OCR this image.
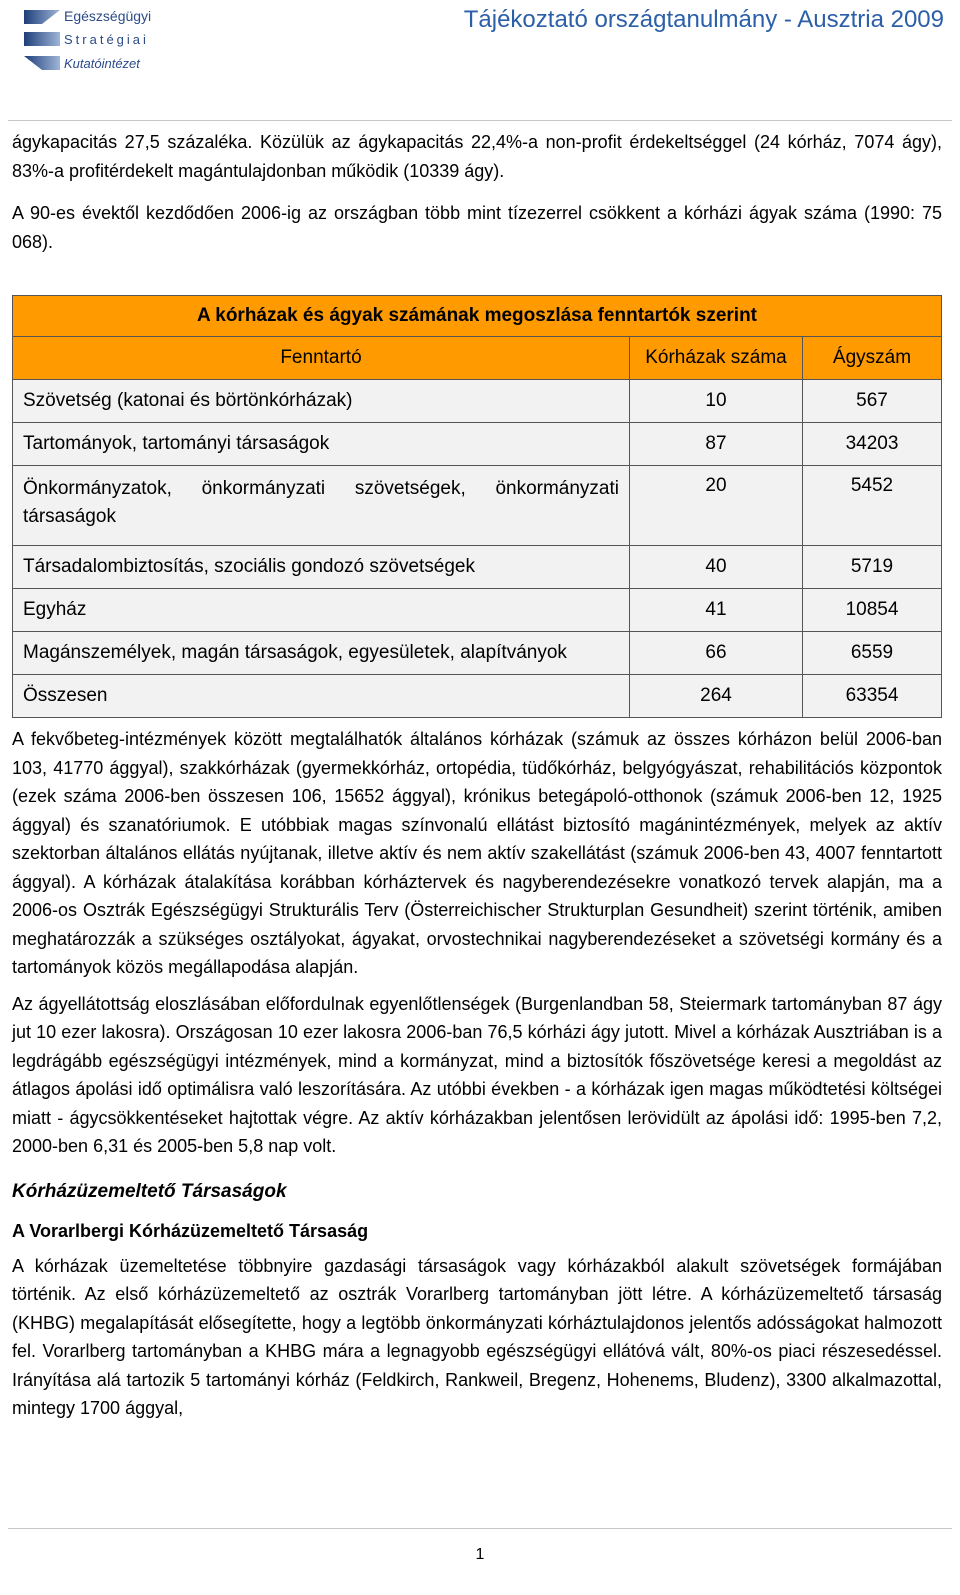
Egészségügyi
Stratégiai
Kutatóintézet
Tájékoztató országtanulmány - Ausztria 2009

ágykapacitás 27,5 százaléka. Közülük az ágykapacitás 22,4%-a non-profit érdekeltséggel (24 kórház, 7074 ágy), 83%-a profitérdekelt magántulajdonban működik (10339 ágy).

A 90-es évektől kezdődően 2006-ig az országban több mint tízezerrel csökkent a kórházi ágyak száma (1990: 75 068).

A kórházak és ágyak számának megoszlása fenntartók szerint		
Fenntartó	Kórházak száma	Ágyszám
Szövetség (katonai és börtönkórházak)	10	567
Tartományok, tartományi társaságok	87	34203
Önkormányzatok, önkormányzati szövetségek, önkormányzati társaságok	20	5452
Társadalombiztosítás, szociális gondozó szövetségek	40	5719
Egyház	41	10854
Magánszemélyek, magán társaságok, egyesületek, alapítványok	66	6559
Összesen	264	63354

A fekvőbeteg-intézmények között megtalálhatók általános kórházak (számuk az összes kórházon belül 2006-ban 103, 41770 ággyal), szakkórházak (gyermekkórház, ortopédia, tüdőkórház, belgyógyászat, rehabilitációs központok (ezek száma 2006-ben összesen 106, 15652 ággyal), krónikus betegápoló-otthonok (számuk 2006-ben 12, 1925 ággyal) és szanatóriumok. E utóbbiak magas színvonalú ellátást biztosító magánintézmények, melyek az aktív szektorban általános ellátás nyújtanak, illetve aktív és nem aktív szakellátást (számuk 2006-ben 43, 4007 fenntartott ággyal). A kórházak átalakítása korábban kórháztervek és nagyberendezésekre vonatkozó tervek alapján, ma a 2006-os Osztrák Egészségügyi Strukturális Terv (Österreichischer Strukturplan Gesundheit) szerint történik, amiben meghatározzák a szükséges osztályokat, ágyakat, orvostechnikai nagyberendezéseket a szövetségi kormány és a tartományok közös megállapodása alapján.

Az ágyellátottság eloszlásában előfordulnak egyenlőtlenségek (Burgenlandban 58, Steiermark tartományban 87 ágy jut 10 ezer lakosra). Országosan 10 ezer lakosra 2006-ban 76,5 kórházi ágy jutott. Mivel a kórházak Ausztriában is a legdrágább egészségügyi intézmények, mind a kormányzat, mind a biztosítók főszövetsége keresi a megoldást az átlagos ápolási idő optimálisra való leszorítására. Az utóbbi években - a kórházak igen magas működtetési költségei miatt - ágycsökkentéseket hajtottak végre. Az aktív kórházakban jelentősen lerövidült az ápolási idő: 1995-ben 7,2, 2000-ben 6,31 és 2005-ben 5,8 nap volt.

Kórházüzemeltető Társaságok
A Vorarlbergi Kórházüzemeltető Társaság

A kórházak üzemeltetése többnyire gazdasági társaságok vagy kórházakból alakult szövetségek formájában történik. Az első kórházüzemeltető az osztrák Vorarlberg tartományban jött létre. A kórházüzemeltető társaság (KHBG) megalapítását elősegítette, hogy a legtöbb önkormányzati kórháztulajdonos jelentős adósságokat halmozott fel. Vorarlberg tartományban a KHBG mára a legnagyobb egészségügyi ellátóvá vált, 80%-os piaci részesedéssel. Irányítása alá tartozik 5 tartományi kórház (Feldkirch, Rankweil, Bregenz, Hohenems, Bludenz), 3300 alkalmazottal, mintegy 1700 ággyal,

1
